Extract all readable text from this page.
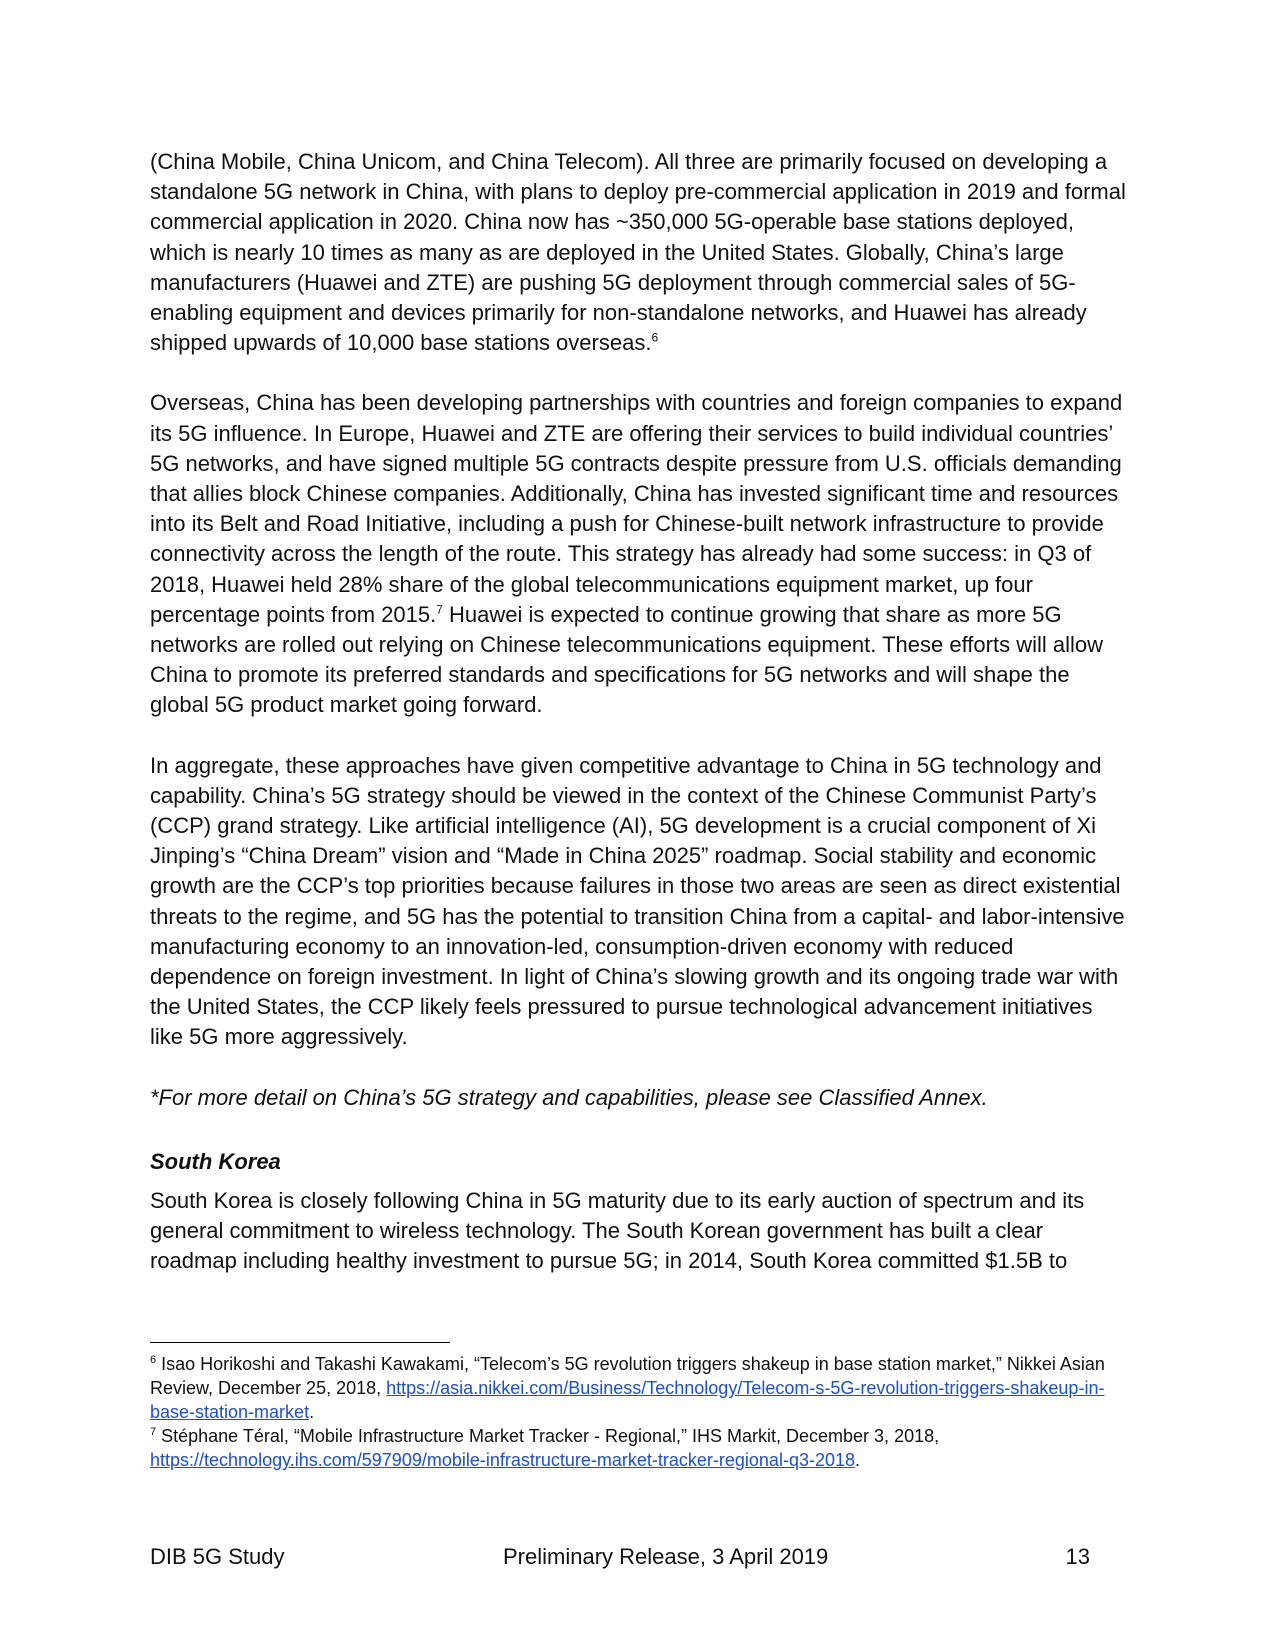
(China Mobile, China Unicom, and China Telecom). All three are primarily focused on developing a standalone 5G network in China, with plans to deploy pre-commercial application in 2019 and formal commercial application in 2020. China now has ~350,000 5G-operable base stations deployed, which is nearly 10 times as many as are deployed in the United States. Globally, China’s large manufacturers (Huawei and ZTE) are pushing 5G deployment through commercial sales of 5G-enabling equipment and devices primarily for non-standalone networks, and Huawei has already shipped upwards of 10,000 base stations overseas.$^6$

Overseas, China has been developing partnerships with countries and foreign companies to expand its 5G influence. In Europe, Huawei and ZTE are offering their services to build individual countries’ 5G networks, and have signed multiple 5G contracts despite pressure from U.S. officials demanding that allies block Chinese companies. Additionally, China has invested significant time and resources into its Belt and Road Initiative, including a push for Chinese-built network infrastructure to provide connectivity across the length of the route. This strategy has already had some success: in Q3 of 2018, Huawei held 28% share of the global telecommunications equipment market, up four percentage points from 2015.$^7$ Huawei is expected to continue growing that share as more 5G networks are rolled out relying on Chinese telecommunications equipment. These efforts will allow China to promote its preferred standards and specifications for 5G networks and will shape the global 5G product market going forward.

In aggregate, these approaches have given competitive advantage to China in 5G technology and capability. China’s 5G strategy should be viewed in the context of the Chinese Communist Party’s (CCP) grand strategy. Like artificial intelligence (AI), 5G development is a crucial component of Xi Jinping’s “China Dream” vision and “Made in China 2025” roadmap. Social stability and economic growth are the CCP’s top priorities because failures in those two areas are seen as direct existential threats to the regime, and 5G has the potential to transition China from a capital- and labor-intensive manufacturing economy to an innovation-led, consumption-driven economy with reduced dependence on foreign investment. In light of China’s slowing growth and its ongoing trade war with the United States, the CCP likely feels pressured to pursue technological advancement initiatives like 5G more aggressively.

*For more detail on China’s 5G strategy and capabilities, please see Classified Annex.

South Korea

South Korea is closely following China in 5G maturity due to its early auction of spectrum and its general commitment to wireless technology. The South Korean government has built a clear roadmap including healthy investment to pursue 5G; in 2014, South Korea committed $1.5B to

$^6$ Isao Horikoshi and Takashi Kawakami, “Telecom’s 5G revolution triggers shakeup in base station market,” Nikkei Asian Review, December 25, 2018, https://asia.nikkei.com/Business/Technology/Telecom-s-5G-revolution-triggers-shakeup-in-base-station-market.

$^7$ Stéphane Téral, “Mobile Infrastructure Market Tracker - Regional,” IHS Markit, December 3, 2018, https://technology.ihs.com/597909/mobile-infrastructure-market-tracker-regional-q3-2018.

DIB 5G Study	Preliminary Release, 3 April 2019	13
